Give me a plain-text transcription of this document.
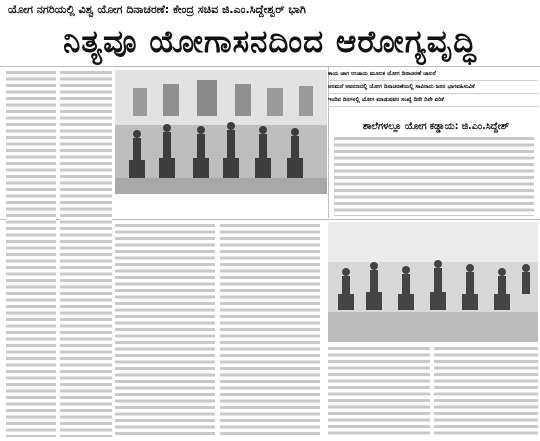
ಯೋಗ ನಗರಿಯಲ್ಲಿ ವಿಶ್ವ ಯೋಗ ದಿನಾಚರಣೆ: ಕೇಂದ್ರ ಸಚಿವ ಜಿ.ಎಂ.ಸಿದ್ದೇಶ್ವರ್ ಭಾಗಿ
ನಿತ್ಯವೂ ಯೋಗಾಸನದಿಂದ ಆರೋಗ್ಯವೃದ್ಧಿ
ಕಾಯ ಜಾಗ ಉಜಾಯ ಮೂಲಕ ಯೋಗ ದಿನಾಚರಣೆ ಚಾಲನೆ
ಅರಮನೆ ಆವರಣದಲ್ಲಿ ಯೋಗ ದಿನಾಚರಣೆಯಲ್ಲಿ ಸಾವಿರಾರು ಜನರ ಭಾಗವಹಿಸುವಿಕೆ
ಇಂದಿನ ದಿನಗಳಲ್ಲಿ ಯೋಗ ಮಾಡುವವರ ಸಂಖ್ಯೆ ದಿನೇ ದಿನೇ ಏರಿಕೆ
ಶಾಲೆಗಳಲ್ಲೂ ಯೋಗ ಕಡ್ಡಾಯ: ಜಿ.ಎಂ.ಸಿದ್ದೇಶ್
